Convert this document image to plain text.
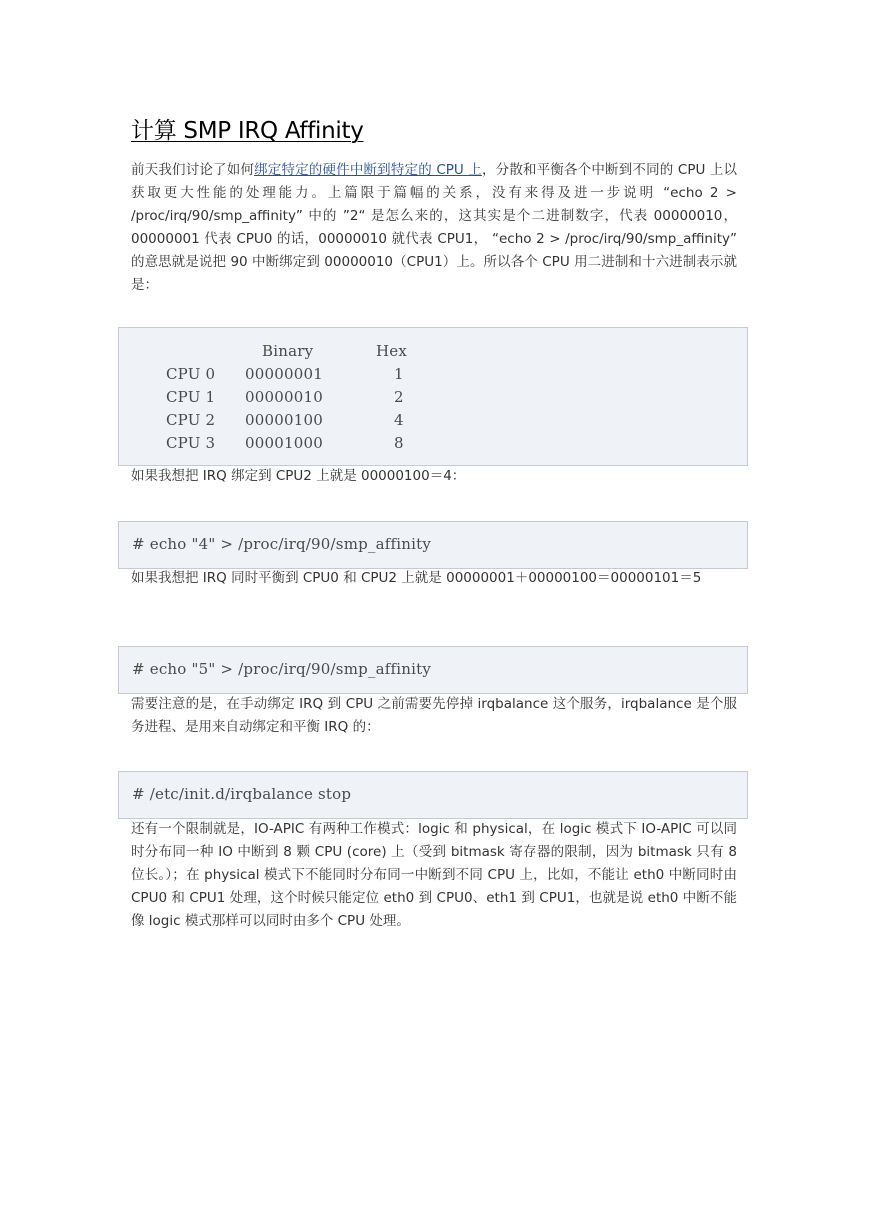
计算 SMP IRQ Affinity

前天我们讨论了如何绑定特定的硬件中断到特定的 CPU 上，分散和平衡各个中断到不同的 CPU 上以获取更大性能的处理能力。上篇限于篇幅的关系，没有来得及进一步说明 “echo 2 > /proc/irq/90/smp_affinity” 中的 ”2“ 是怎么来的，这其实是个二进制数字，代表 00000010，00000001 代表 CPU0 的话，00000010 就代表 CPU1， “echo 2 > /proc/irq/90/smp_affinity” 的意思就是说把 90 中断绑定到 00000010（CPU1）上。所以各个 CPU 用二进制和十六进制表示就是：

Binary	Hex
CPU 0 00000001	1
CPU 1 00000010	2
CPU 2 00000100	4
CPU 3 00001000	8

如果我想把 IRQ 绑定到 CPU2 上就是 00000100＝4：

# echo "4" > /proc/irq/90/smp_affinity

如果我想把 IRQ 同时平衡到 CPU0 和 CPU2 上就是 00000001＋00000100＝00000101＝5

# echo "5" > /proc/irq/90/smp_affinity

需要注意的是，在手动绑定 IRQ 到 CPU 之前需要先停掉 irqbalance 这个服务，irqbalance 是个服务进程、是用来自动绑定和平衡 IRQ 的：

# /etc/init.d/irqbalance stop

还有一个限制就是，IO-APIC 有两种工作模式：logic 和 physical，在 logic 模式下 IO-APIC 可以同时分布同一种 IO 中断到 8 颗 CPU (core) 上（受到 bitmask 寄存器的限制，因为 bitmask 只有 8 位长。）；在 physical 模式下不能同时分布同一中断到不同 CPU 上，比如，不能让 eth0 中断同时由 CPU0 和 CPU1 处理，这个时候只能定位 eth0 到 CPU0、eth1 到 CPU1，也就是说 eth0 中断不能像 logic 模式那样可以同时由多个 CPU 处理。
